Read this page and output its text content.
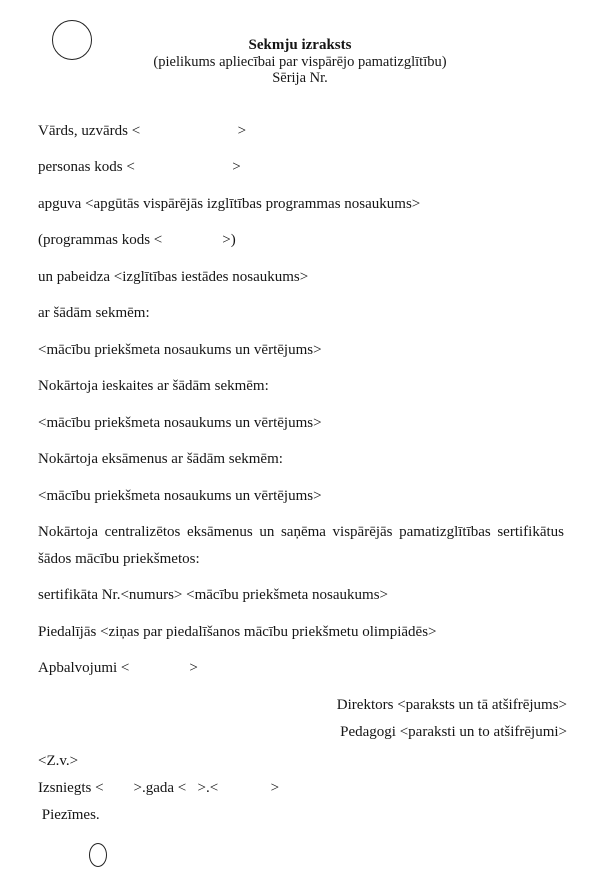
Sekmju izraksts
(pielikums apliecībai par vispārējo pamatizglītību)
Sērija Nr.

Vārds, uzvārds <                          >

personas kods <                          >

apguva <apgūtās vispārējās izglītības programmas nosaukums>

(programmas kods <                >)

un pabeidza <izglītības iestādes nosaukums>

ar šādām sekmēm:

<mācību priekšmeta nosaukums un vērtējums>

Nokārtoja ieskaites ar šādām sekmēm:

<mācību priekšmeta nosaukums un vērtējums>

Nokārtoja eksāmenus ar šādām sekmēm:

<mācību priekšmeta nosaukums un vērtējums>

Nokārtoja centralizētos eksāmenus un saņēma vispārējās pamatizglītības sertifikātus šādos mācību priekšmetos:

sertifikāta Nr.<numurs> <mācību priekšmeta nosaukums>

Piedalījās <ziņas par piedalīšanos mācību priekšmetu olimpiādēs>

Apbalvojumi <                >

Direktors <paraksts un tā atšifrējums>

Pedagogi <paraksti un to atšifrējumi>

<Z.v.>

Izsniegts <        >.gada <   >.<              >

Piezīmes.
